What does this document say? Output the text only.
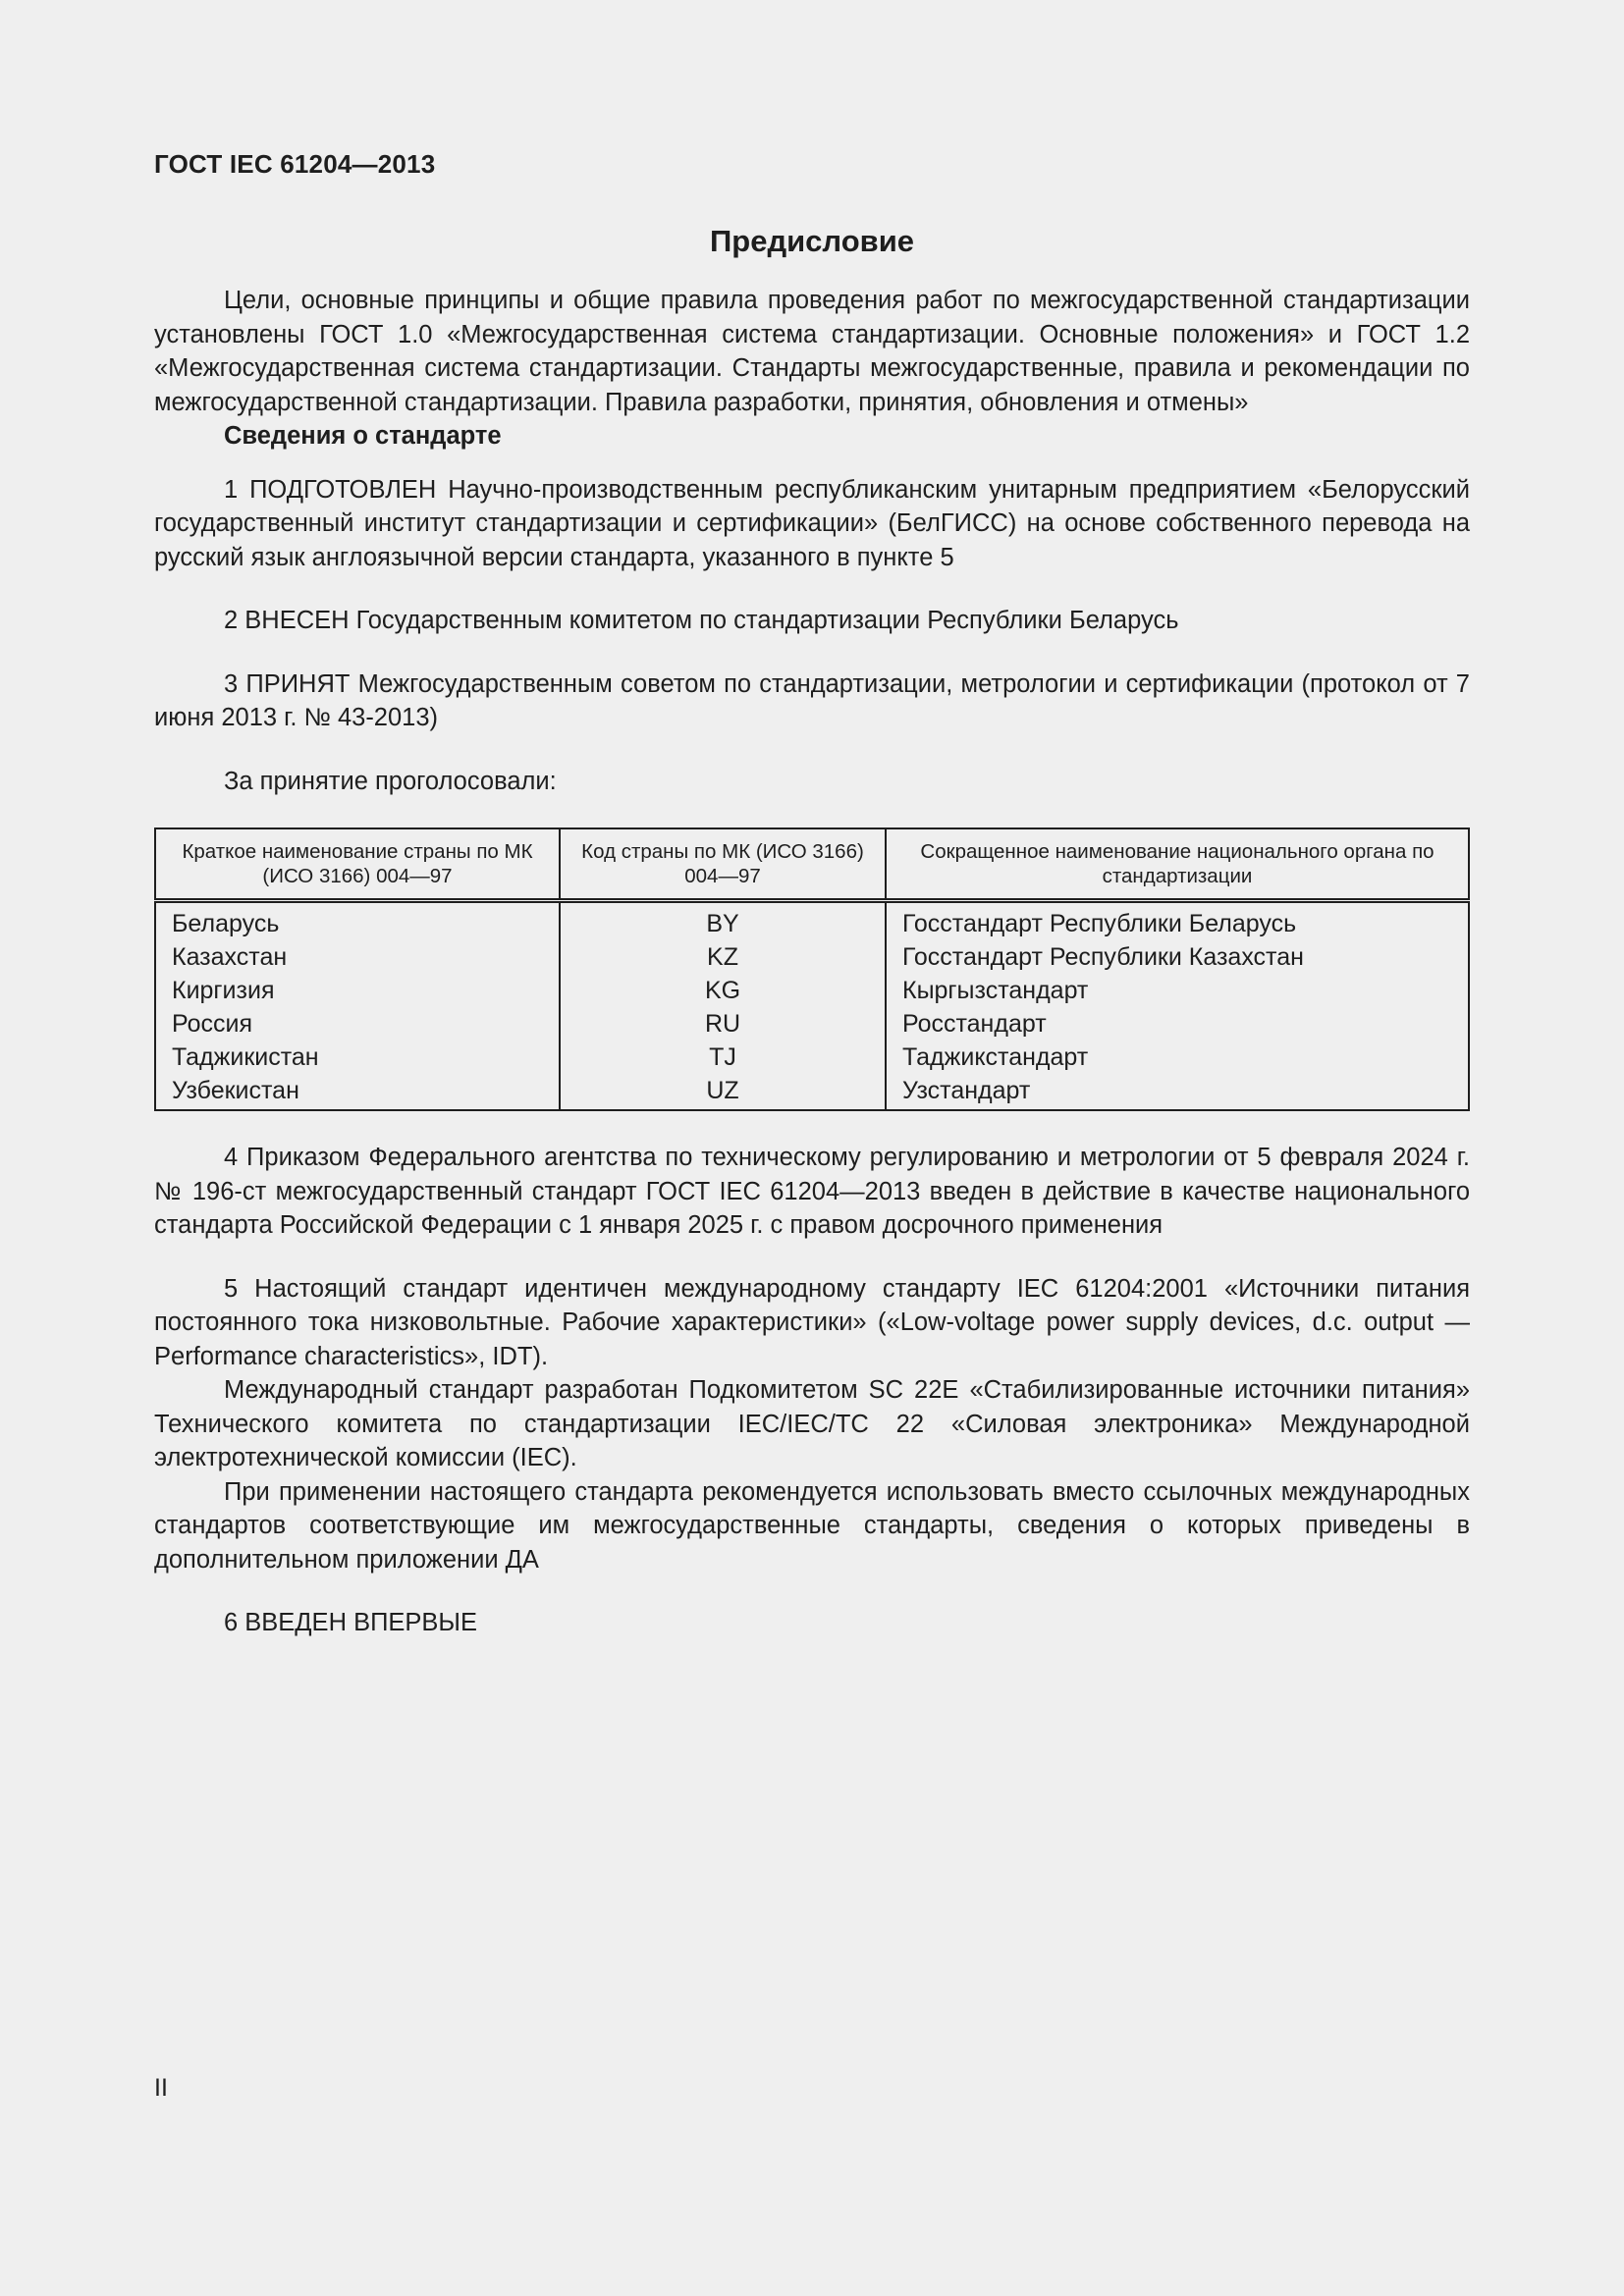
ГОСТ IEC 61204—2013
Предисловие

Цели, основные принципы и общие правила проведения работ по межгосударственной стандартизации установлены ГОСТ 1.0 «Межгосударственная система стандартизации. Основные положения» и ГОСТ 1.2 «Межгосударственная система стандартизации. Стандарты межгосударственные, правила и рекомендации по межгосударственной стандартизации. Правила разработки, принятия, обновления и отмены»

Сведения о стандарте

1 ПОДГОТОВЛЕН Научно-производственным республиканским унитарным предприятием «Белорусский государственный институт стандартизации и сертификации» (БелГИСС) на основе собственного перевода на русский язык англоязычной версии стандарта, указанного в пункте 5

2 ВНЕСЕН Государственным комитетом по стандартизации Республики Беларусь

3 ПРИНЯТ Межгосударственным советом по стандартизации, метрологии и сертификации (протокол от 7 июня 2013 г. № 43-2013)

За принятие проголосовали:

Краткое наименование страны по МК (ИСО 3166) 004—97	Код страны по МК (ИСО 3166) 004—97	Сокращенное наименование национального органа по стандартизации
Беларусь	BY	Госстандарт Республики Беларусь
Казахстан	KZ	Госстандарт Республики Казахстан
Киргизия	KG	Кыргызстандарт
Россия	RU	Росстандарт
Таджикистан	TJ	Таджикстандарт
Узбекистан	UZ	Узстандарт

4 Приказом Федерального агентства по техническому регулированию и метрологии от 5 февраля 2024 г. № 196-ст межгосударственный стандарт ГОСТ IEC 61204—2013 введен в действие в качестве национального стандарта Российской Федерации с 1 января 2025 г. с правом досрочного применения

5 Настоящий стандарт идентичен международному стандарту IEC 61204:2001 «Источники питания постоянного тока низковольтные. Рабочие характеристики» («Low-voltage power supply devices, d.c. output — Performance characteristics», IDT).

Международный стандарт разработан Подкомитетом SC 22E «Стабилизированные источники питания» Технического комитета по стандартизации IEC/IEC/TC 22 «Силовая электроника» Международной электротехнической комиссии (IEC).

При применении настоящего стандарта рекомендуется использовать вместо ссылочных международных стандартов соответствующие им межгосударственные стандарты, сведения о которых приведены в дополнительном приложении ДА

6 ВВЕДЕН ВПЕРВЫЕ

II
